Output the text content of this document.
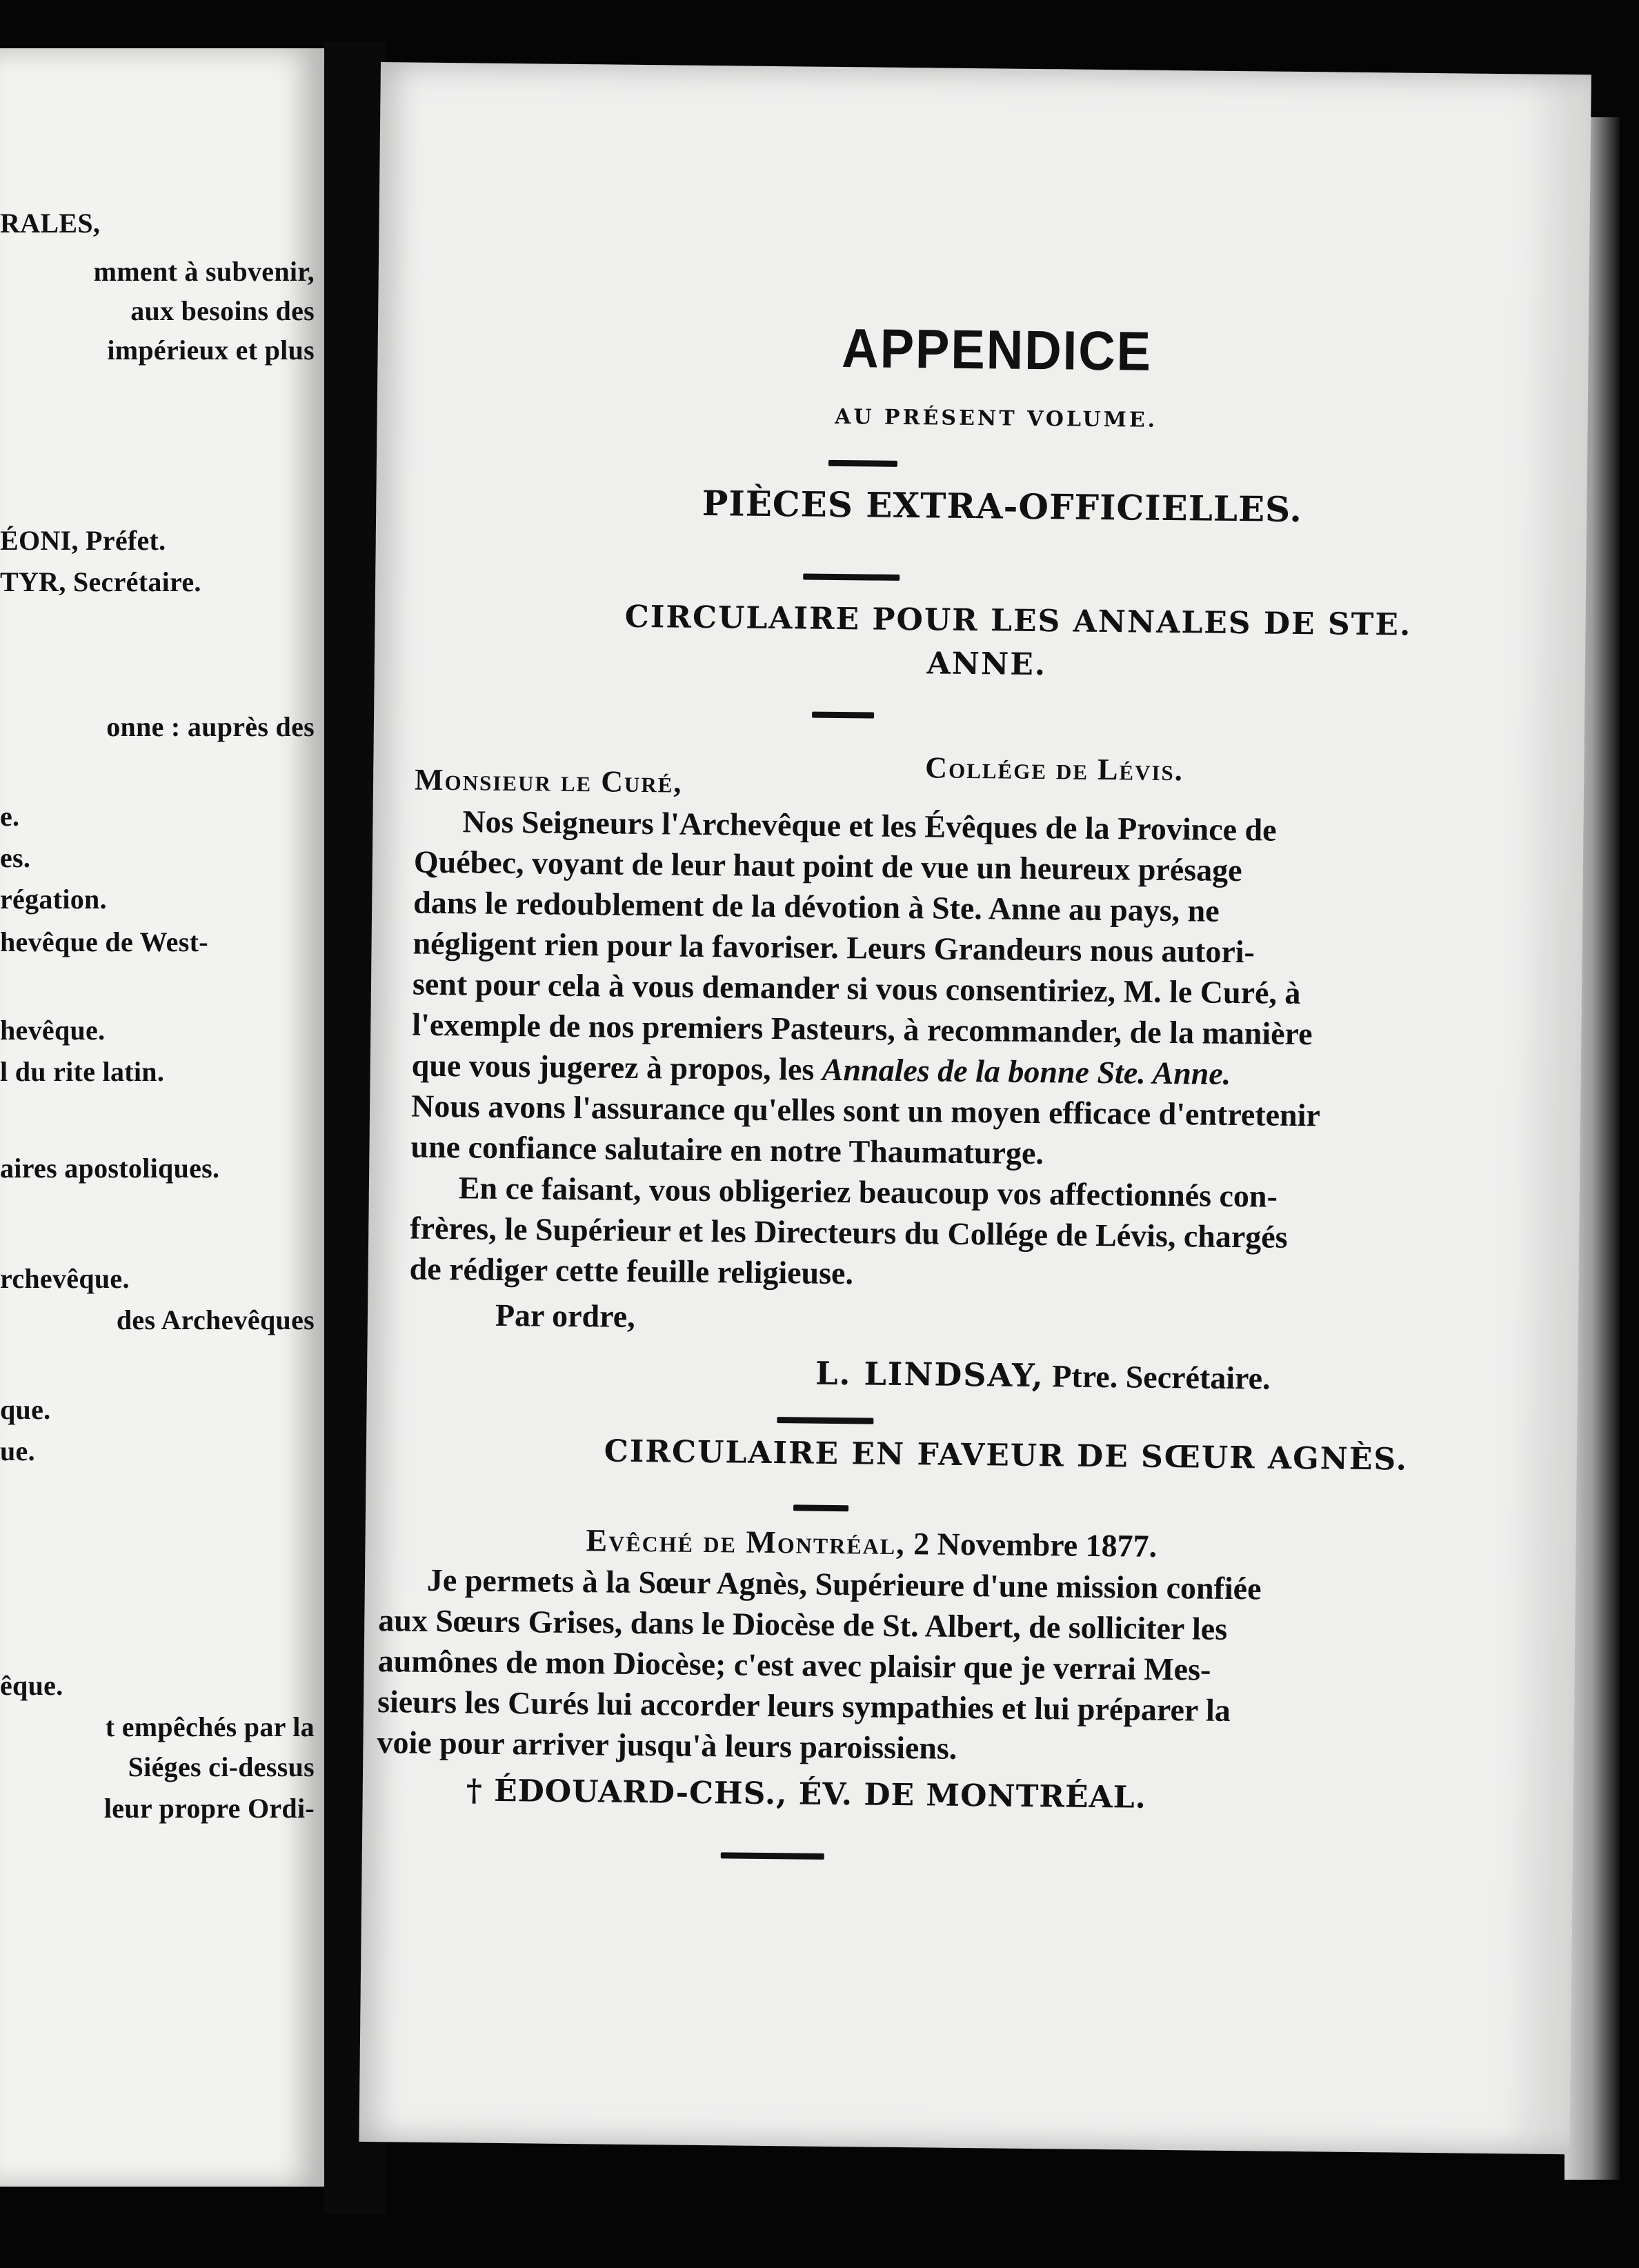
RALES,
mment à subvenir,
aux besoins des
impérieux et plus
ÉONI, Préfet.
TYR, Secrétaire.
onne : auprès des
e.
es.
régation.
hevêque de West-
hevêque.
l du rite latin.
aires apostoliques.
rchevêque.
des Archevêques
que.
ue.
êque.
t empêchés par la
Siéges ci-dessus
leur propre Ordi-
APPENDICE
AU PRÉSENT VOLUME.
PIÈCES EXTRA-OFFICIELLES.
CIRCULAIRE POUR LES ANNALES DE STE.
ANNE.
Collége de Lévis.
Monsieur le Curé,
Nos Seigneurs l'Archevêque et les Évêques de la Province de
Québec, voyant de leur haut point de vue un heureux présage
dans le redoublement de la dévotion à Ste. Anne au pays, ne
négligent rien pour la favoriser. Leurs Grandeurs nous autori-
sent pour cela à vous demander si vous consentiriez, M. le Curé, à
l'exemple de nos premiers Pasteurs, à recommander, de la manière
que vous jugerez à propos, les Annales de la bonne Ste. Anne.
Nous avons l'assurance qu'elles sont un moyen efficace d'entretenir
une confiance salutaire en notre Thaumaturge.
En ce faisant, vous obligeriez beaucoup vos affectionnés con-
frères, le Supérieur et les Directeurs du Collége de Lévis, chargés
de rédiger cette feuille religieuse.
Par ordre,
L. LINDSAY, Ptre. Secrétaire.
CIRCULAIRE EN FAVEUR DE SŒUR AGNÈS.
Evêché de Montréal, 2 Novembre 1877.
Je permets à la Sœur Agnès, Supérieure d'une mission confiée
aux Sœurs Grises, dans le Diocèse de St. Albert, de solliciter les
aumônes de mon Diocèse; c'est avec plaisir que je verrai Mes-
sieurs les Curés lui accorder leurs sympathies et lui préparer la
voie pour arriver jusqu'à leurs paroissiens.
† ÉDOUARD-CHS., ÉV. DE MONTRÉAL.
